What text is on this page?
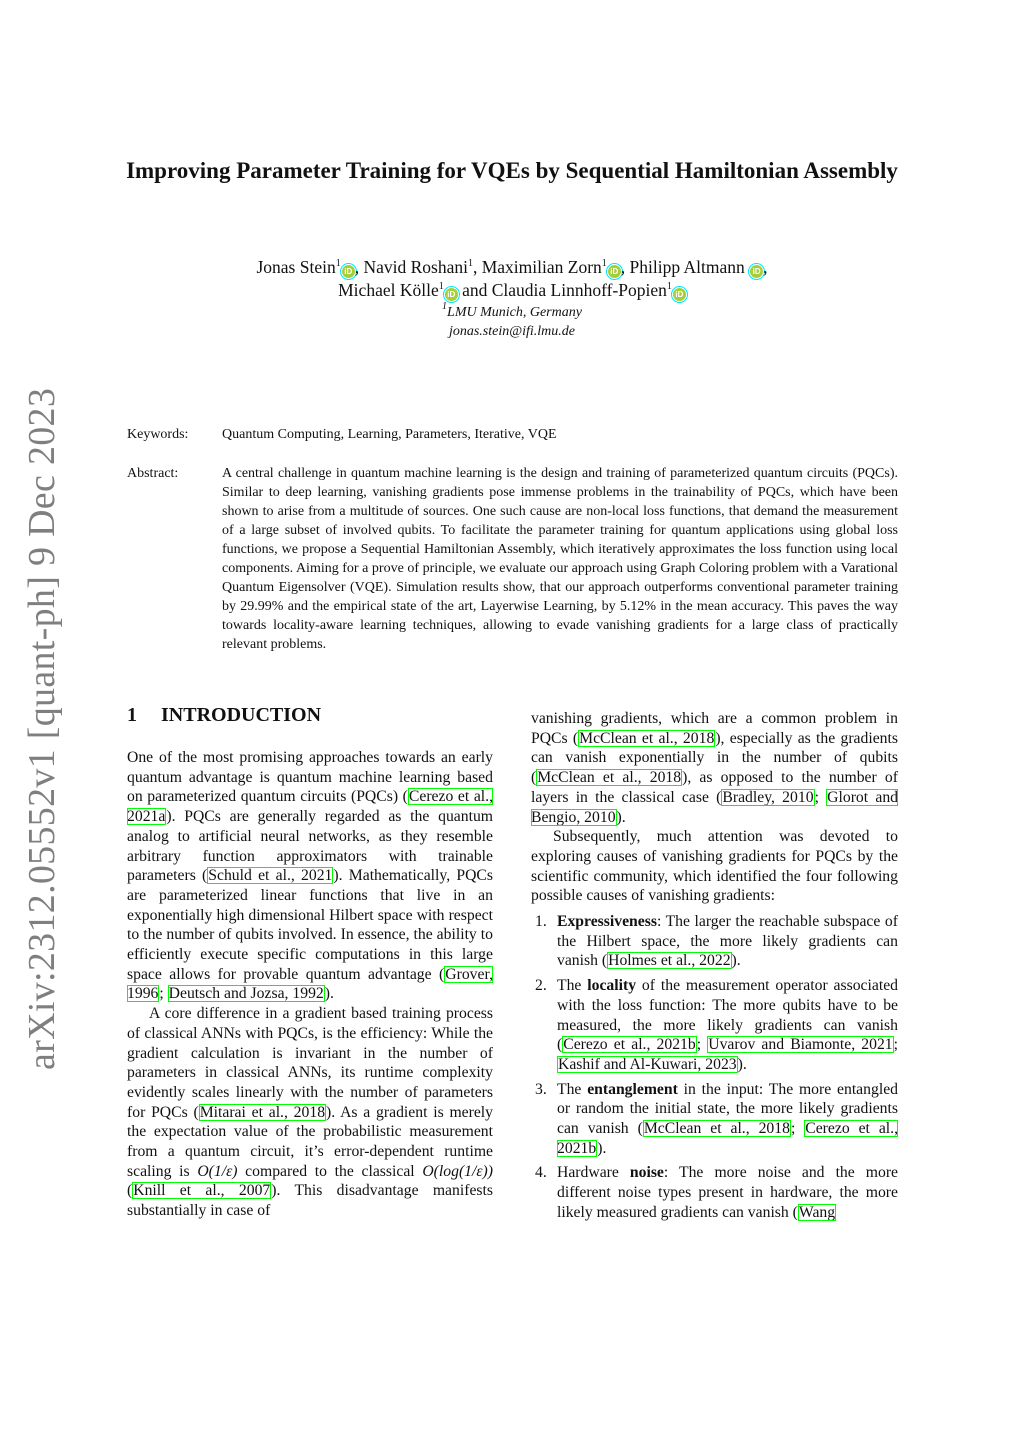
arXiv:2312.05552v1 [quant-ph] 9 Dec 2023
Improving Parameter Training for VQEs by Sequential Hamiltonian Assembly
Jonas Stein$^1$iD , Navid Roshani$^1$, Maximilian Zorn$^1$iD , Philipp Altmann iD ,
Michael Kölle$^1$iD and Claudia Linnhoff-Popien$^1$iD
$^1$LMU Munich, Germany
jonas.stein@ifi.lmu.de
Keywords: Quantum Computing, Learning, Parameters, Iterative, VQE
Abstract:	A central challenge in quantum machine learning is the design and training of parameterized quantum circuits (PQCs). Similar to deep learning, vanishing gradients pose immense problems in the trainability of PQCs, which have been shown to arise from a multitude of sources. One such cause are non-local loss functions, that demand the measurement of a large subset of involved qubits. To facilitate the parameter training for quantum applications using global loss functions, we propose a Sequential Hamiltonian Assembly, which iteratively approximates the loss function using local components. Aiming for a prove of principle, we evaluate our approach using Graph Coloring problem with a Varational Quantum Eigensolver (VQE). Simulation results show, that our approach outperforms conventional parameter training by 29.99% and the empirical state of the art, Layerwise Learning, by 5.12% in the mean accuracy. This paves the way towards locality-aware learning techniques, allowing to evade vanishing gradients for a large class of practically relevant problems.
1 INTRODUCTION

One of the most promising approaches towards an early quantum advantage is quantum machine learning based on parameterized quantum circuits (PQCs) (Cerezo et al., 2021a). PQCs are generally regarded as the quantum analog to artificial neural networks, as they resemble arbitrary function approximators with trainable parameters (Schuld et al., 2021). Mathematically, PQCs are parameterized linear functions that live in an exponentially high dimensional Hilbert space with respect to the number of qubits involved. In essence, the ability to efficiently execute specific computations in this large space allows for provable quantum advantage (Grover, 1996; Deutsch and Jozsa, 1992).

A core difference in a gradient based training process of classical ANNs with PQCs, is the efficiency: While the gradient calculation is invariant in the number of parameters in classical ANNs, its runtime complexity evidently scales linearly with the number of parameters for PQCs (Mitarai et al., 2018). As a gradient is merely the expectation value of the probabilistic measurement from a quantum circuit, it’s error-dependent runtime scaling is O(1/ε) compared to the classical O(log(1/ε)) (Knill et al., 2007). This disadvantage manifests substantially in case of

vanishing gradients, which are a common problem in PQCs (McClean et al., 2018), especially as the gradients can vanish exponentially in the number of qubits (McClean et al., 2018), as opposed to the number of layers in the classical case (Bradley, 2010; Glorot and Bengio, 2010).

Subsequently, much attention was devoted to exploring causes of vanishing gradients for PQCs by the scientific community, which identified the four following possible causes of vanishing gradients:

1. Expressiveness: The larger the reachable subspace of the Hilbert space, the more likely gradients can vanish (Holmes et al., 2022).
2. The locality of the measurement operator associated with the loss function: The more qubits have to be measured, the more likely gradients can vanish (Cerezo et al., 2021b; Uvarov and Biamonte, 2021; Kashif and Al-Kuwari, 2023).
3. The entanglement in the input: The more entangled or random the initial state, the more likely gradients can vanish (McClean et al., 2018; Cerezo et al., 2021b).
4. Hardware noise: The more noise and the more different noise types present in hardware, the more likely measured gradients can vanish (Wang
